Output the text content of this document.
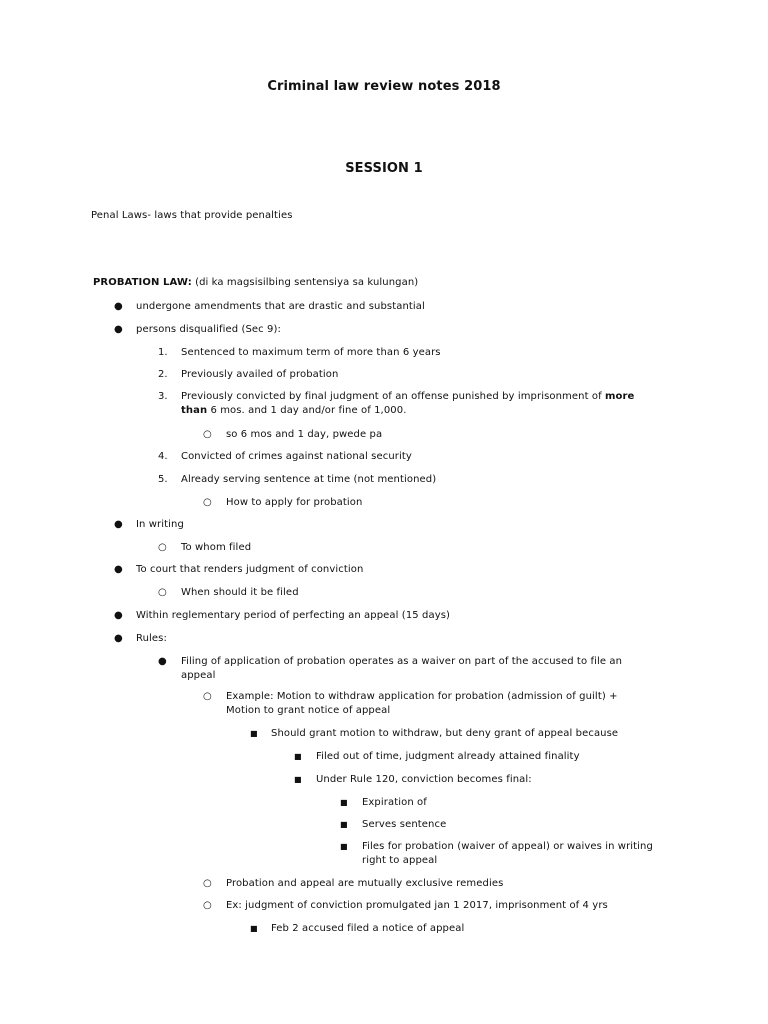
Criminal law review notes 2018

SESSION 1

Penal Laws- laws that provide penalties

PROBATION LAW: (di ka magsisilbing sentensiya sa kulungan)

● undergone amendments that are drastic and substantial

● persons disqualified (Sec 9):

1. Sentenced to maximum term of more than 6 years

2. Previously availed of probation

3. Previously convicted by final judgment of an offense punished by imprisonment of more

than 6 mos. and 1 day and/or fine of 1,000.

○ so 6 mos and 1 day, pwede pa

4. Convicted of crimes against national security

5. Already serving sentence at time (not mentioned)

○ How to apply for probation

● In writing

○ To whom filed

● To court that renders judgment of conviction

○ When should it be filed

● Within reglementary period of perfecting an appeal (15 days)

● Rules:

● Filing of application of probation operates as a waiver on part of the accused to file an

appeal

○ Example: Motion to withdraw application for probation (admission of guilt) +

Motion to grant notice of appeal

■ Should grant motion to withdraw, but deny grant of appeal because

■ Filed out of time, judgment already attained finality

■ Under Rule 120, conviction becomes final:

■ Expiration of

■ Serves sentence

■ Files for probation (waiver of appeal) or waives in writing

right to appeal

○ Probation and appeal are mutually exclusive remedies

○ Ex: judgment of conviction promulgated jan 1 2017, imprisonment of 4 yrs

■ Feb 2 accused filed a notice of appeal
